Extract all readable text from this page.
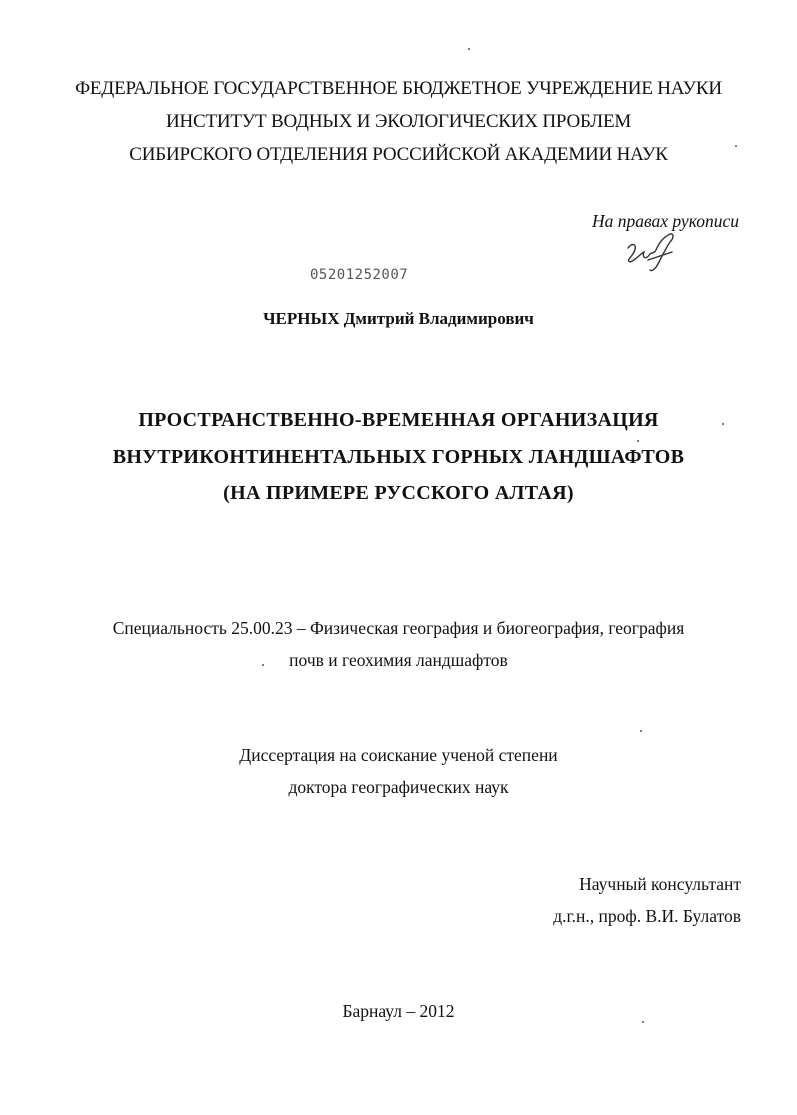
ФЕДЕРАЛЬНОЕ ГОСУДАРСТВЕННОЕ БЮДЖЕТНОЕ УЧРЕЖДЕНИЕ НАУКИ
ИНСТИТУТ ВОДНЫХ И ЭКОЛОГИЧЕСКИХ ПРОБЛЕМ
СИБИРСКОГО ОТДЕЛЕНИЯ РОССИЙСКОЙ АКАДЕМИИ НАУК
На правах рукописи
05201252007
ЧЕРНЫХ Дмитрий Владимирович
ПРОСТРАНСТВЕННО-ВРЕМЕННАЯ ОРГАНИЗАЦИЯ
ВНУТРИКОНТИНЕНТАЛЬНЫХ ГОРНЫХ ЛАНДШАФТОВ
(НА ПРИМЕРЕ РУССКОГО АЛТАЯ)
Специальность 25.00.23 – Физическая география и биогеография, география
почв и геохимия ландшафтов
Диссертация на соискание ученой степени
доктора географических наук
Научный консультант
д.г.н., проф. В.И. Булатов
Барнаул – 2012
